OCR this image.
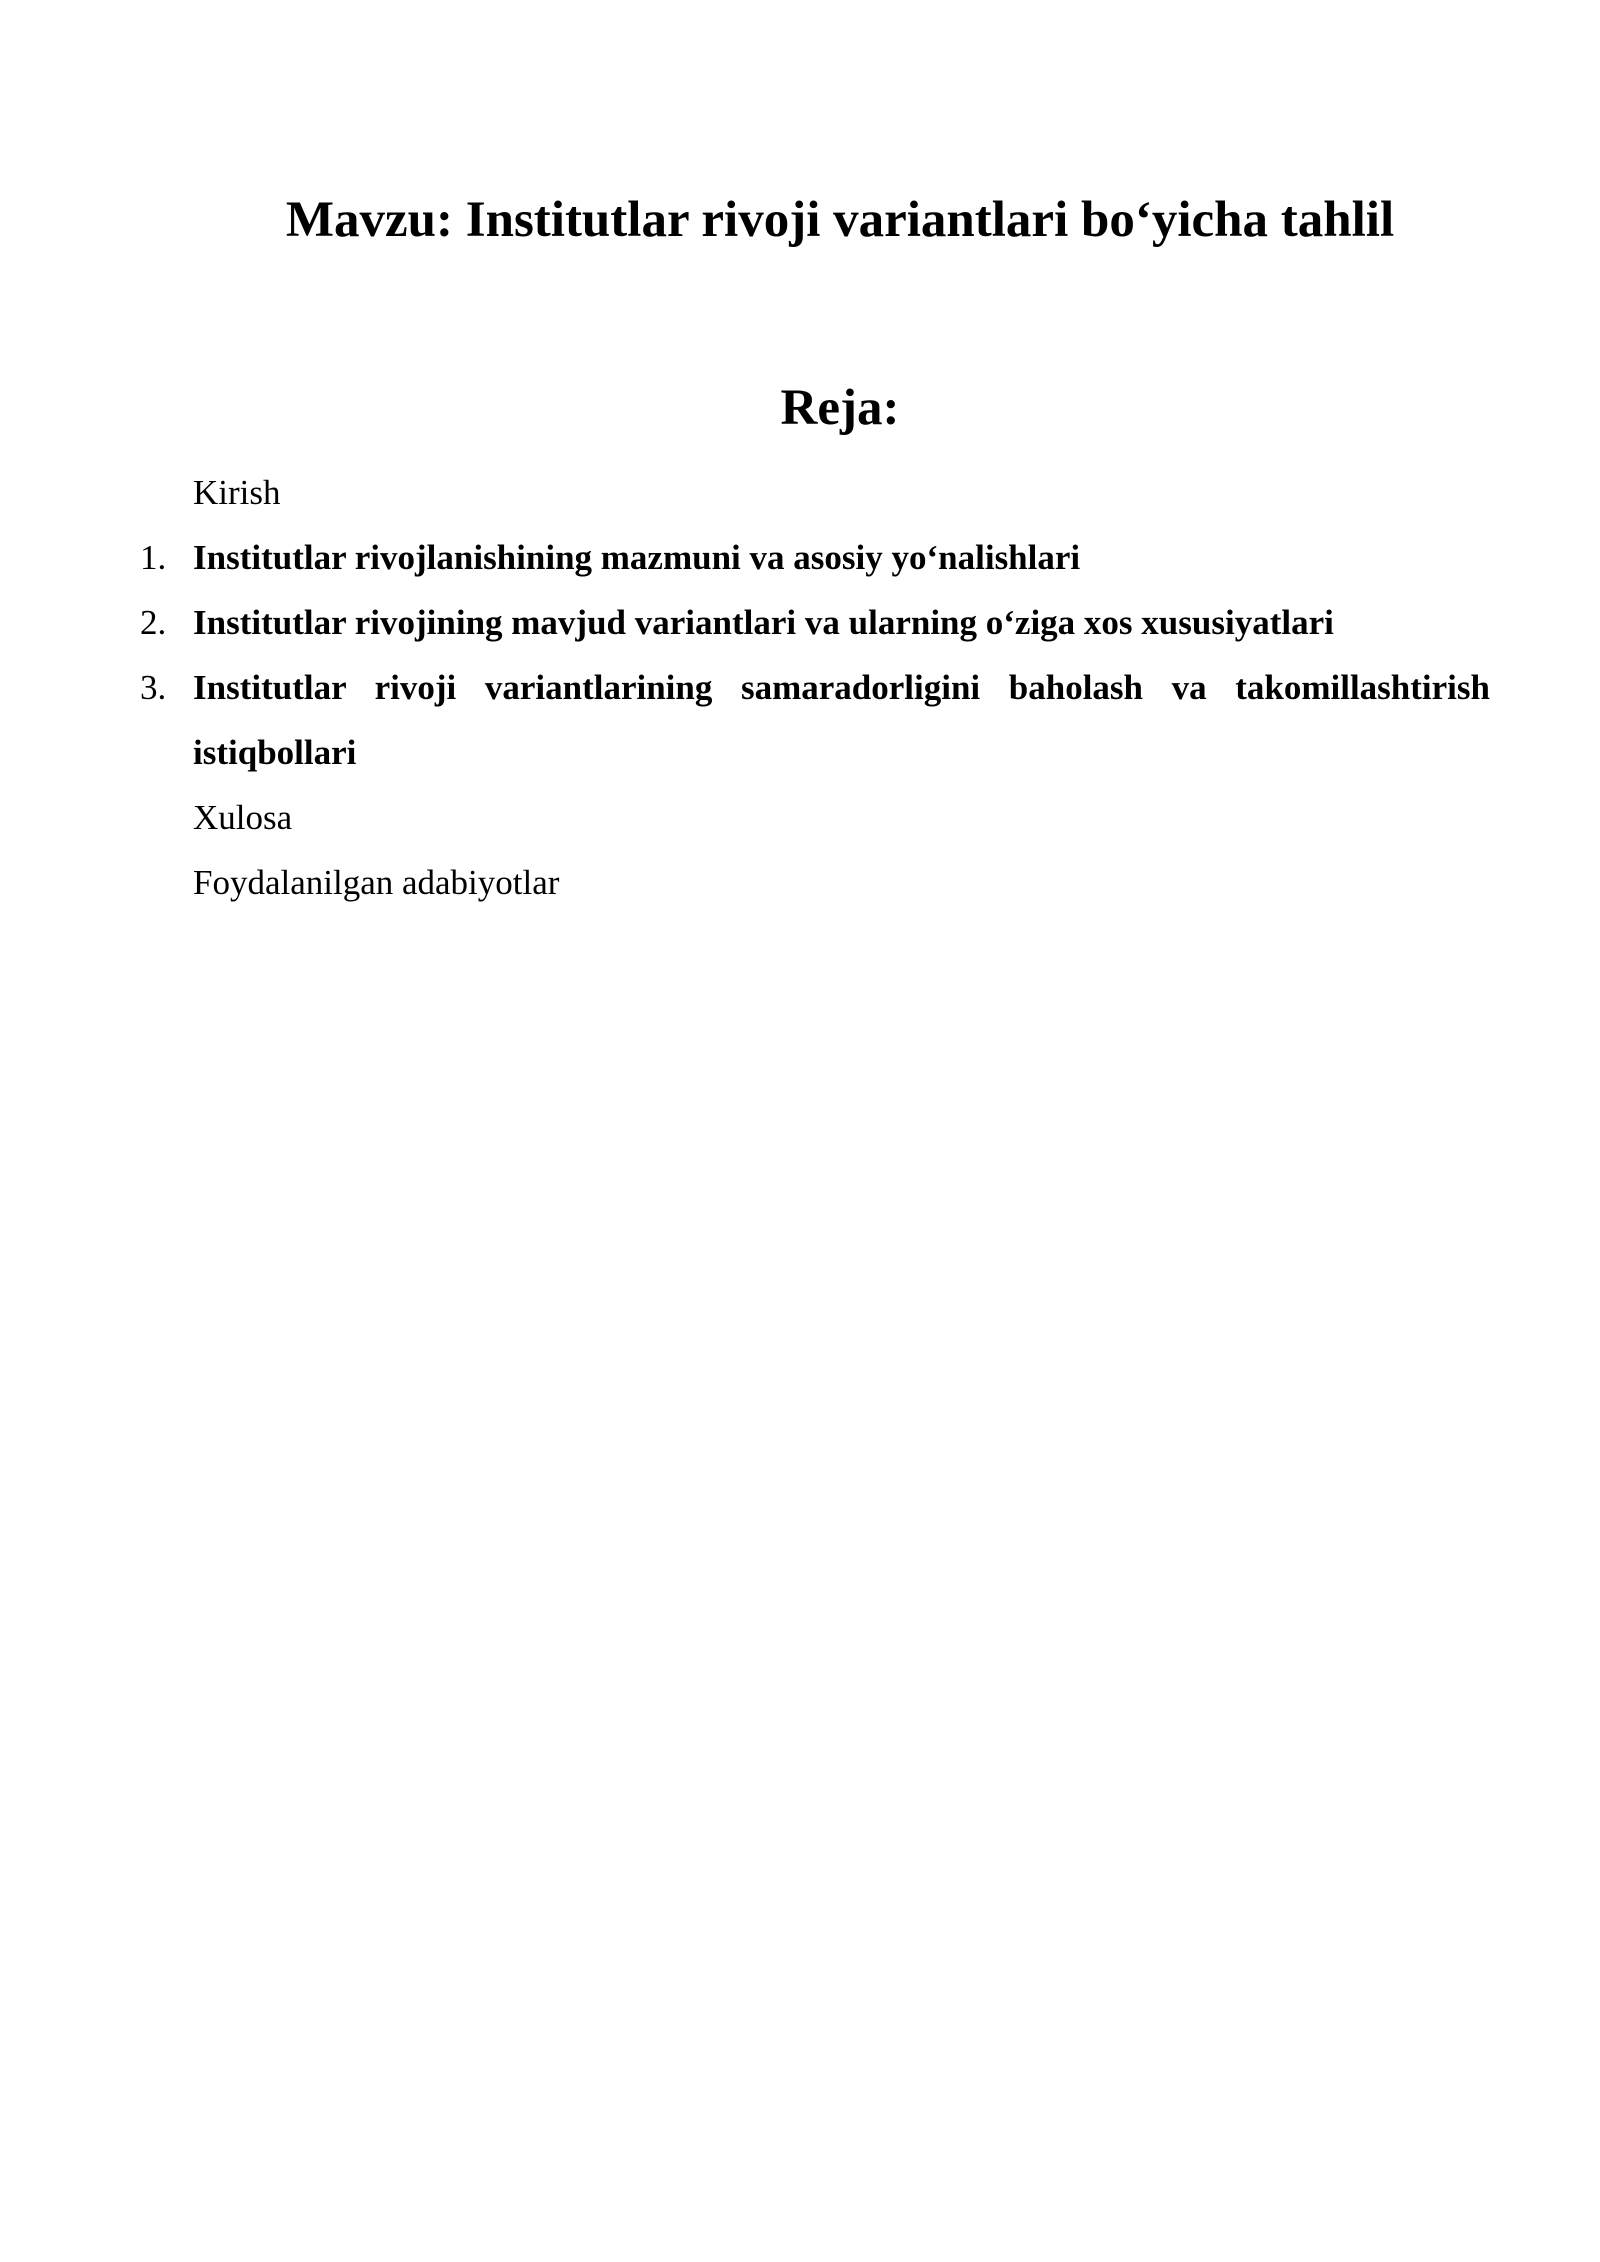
Mavzu: Institutlar rivoji variantlari bo‘yicha tahlil
Reja:
Kirish
1. Institutlar rivojlanishining mazmuni va asosiy yo‘nalishlari
2. Institutlar rivojining mavjud variantlari va ularning o‘ziga xos xususiyatlari
3. Institutlar rivoji variantlarining samaradorligini baholash va takomillashtirish istiqbollari
Xulosa
Foydalanilgan adabiyotlar
